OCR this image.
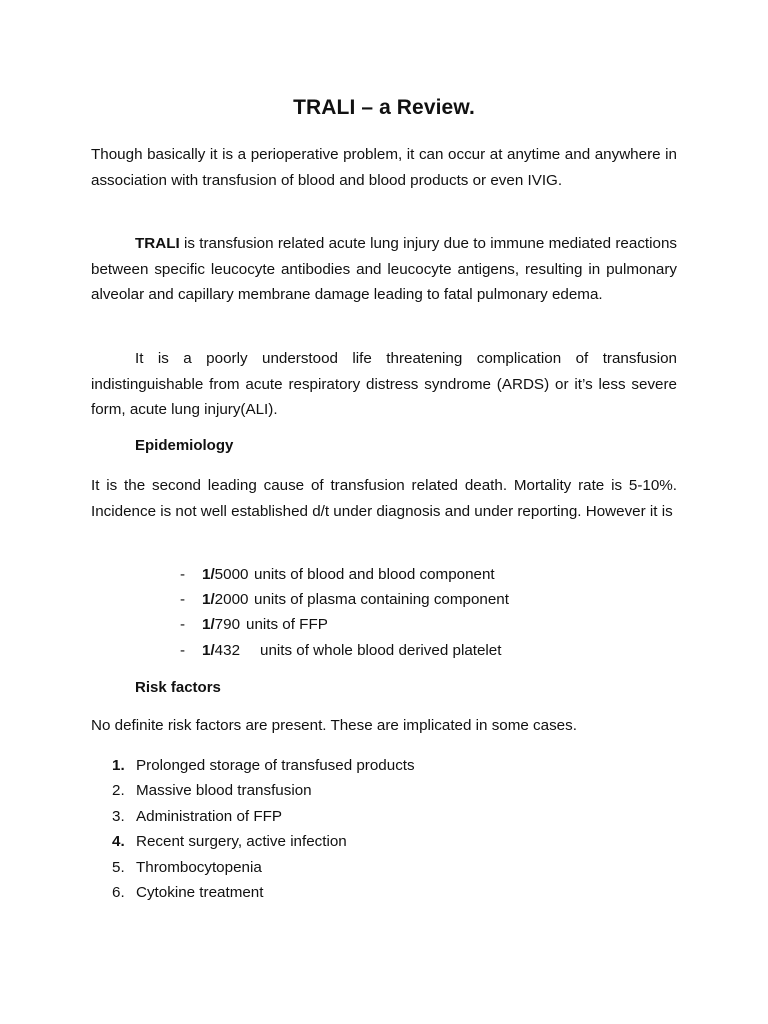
TRALI – a Review.

Though basically it is a perioperative problem, it can occur at anytime and anywhere in association with transfusion of blood and blood products or even IVIG.

TRALI is transfusion related acute lung injury due to immune mediated reactions between specific leucocyte antibodies and leucocyte antigens, resulting in pulmonary alveolar and capillary membrane damage leading to fatal pulmonary edema.

It is a poorly understood life threatening complication of transfusion indistinguishable from acute respiratory distress syndrome (ARDS) or it’s less severe form, acute lung injury(ALI).

Epidemiology

It is the second leading cause of transfusion related death. Mortality rate is 5-10%. Incidence is not well established d/t under diagnosis and under reporting. However it is

- 1/5000 units of blood and blood component
- 1/2000 units of plasma containing component
- 1/790 units of FFP
- 1/432 units of whole blood derived platelet

Risk factors

No definite risk factors are present. These are implicated in some cases.

1. Prolonged storage of transfused products
2. Massive blood transfusion
3. Administration of FFP
4. Recent surgery, active infection
5. Thrombocytopenia
6. Cytokine treatment
